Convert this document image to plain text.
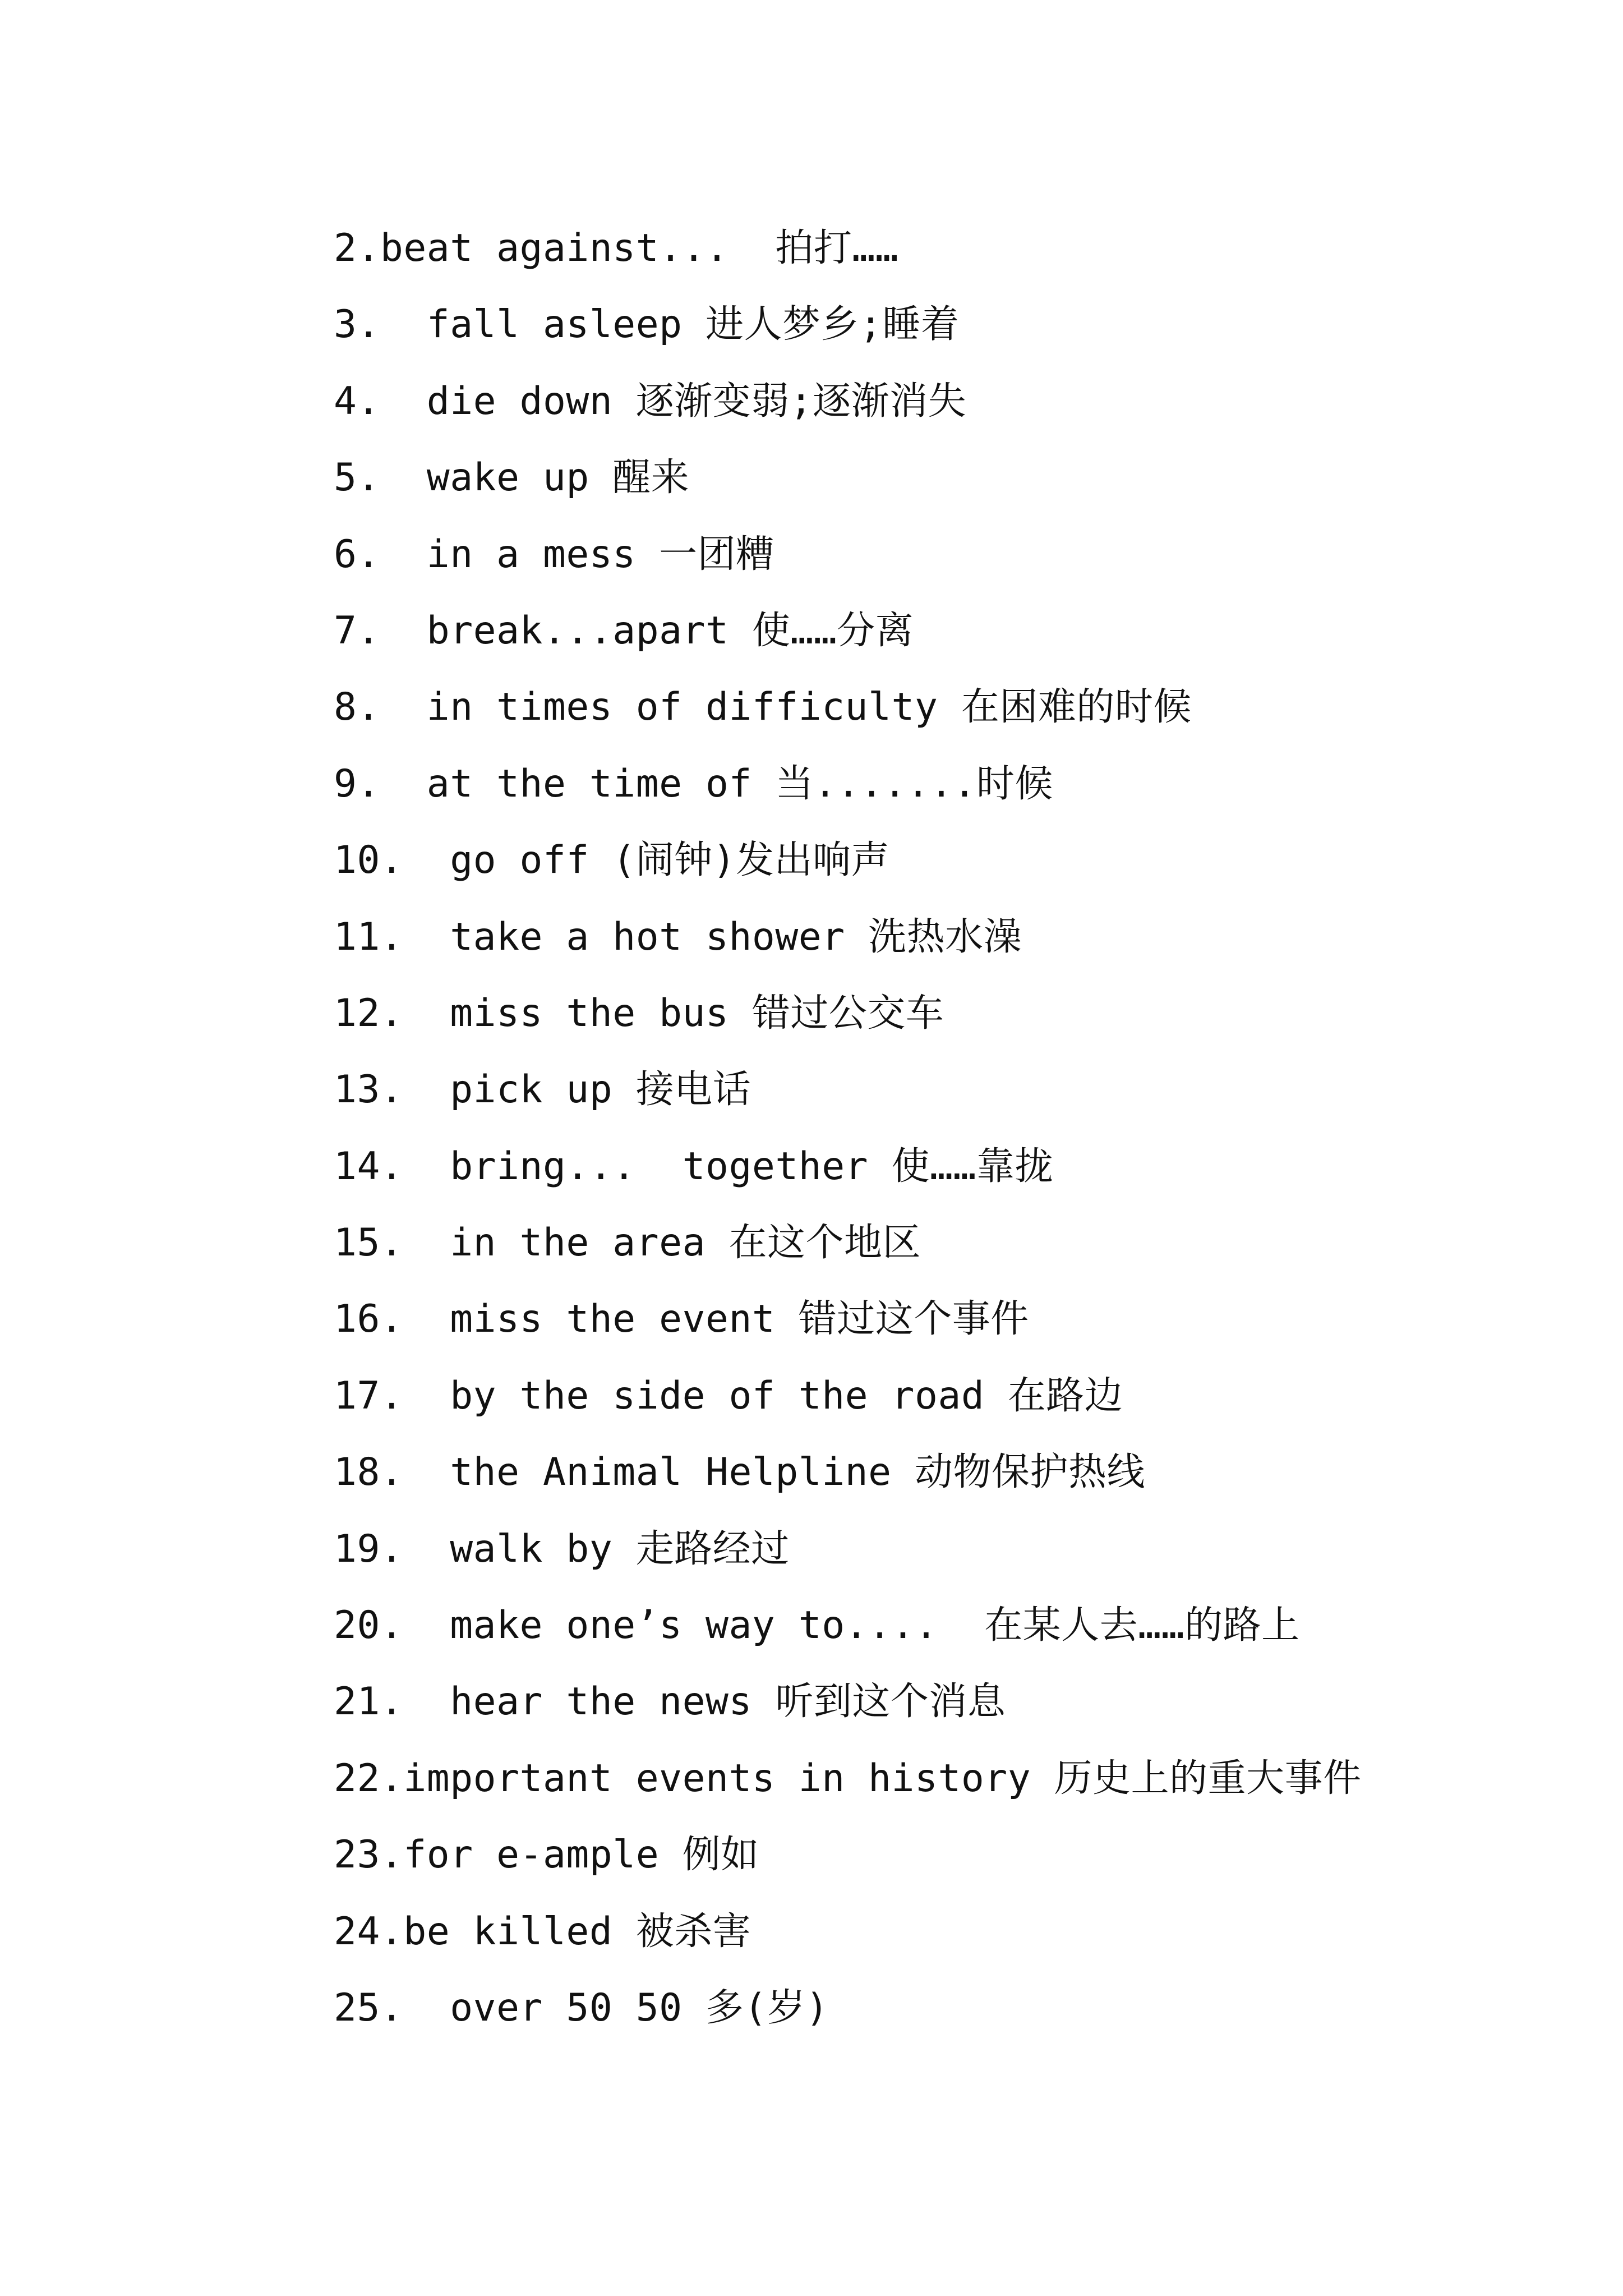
2.beat against...  拍打……
3.  fall asleep 进人梦乡;睡着
4.  die down 逐渐变弱;逐渐消失
5.  wake up 醒来
6.  in a mess 一团糟
7.  break...apart 使……分离
8.  in times of difficulty 在困难的时候
9.  at the time of 当.......时候
10.  go off (闹钟)发出响声
11.  take a hot shower 洗热水澡
12.  miss the bus 错过公交车
13.  pick up 接电话
14.  bring...  together 使……靠拢
15.  in the area 在这个地区
16.  miss the event 错过这个事件
17.  by the side of the road 在路边
18.  the Animal Helpline 动物保护热线
19.  walk by 走路经过
20.  make one’s way to....  在某人去……的路上
21.  hear the news 听到这个消息
22.important events in history 历史上的重大事件
23.for e-ample 例如
24.be killed 被杀害
25.  over 50 50 多(岁)
